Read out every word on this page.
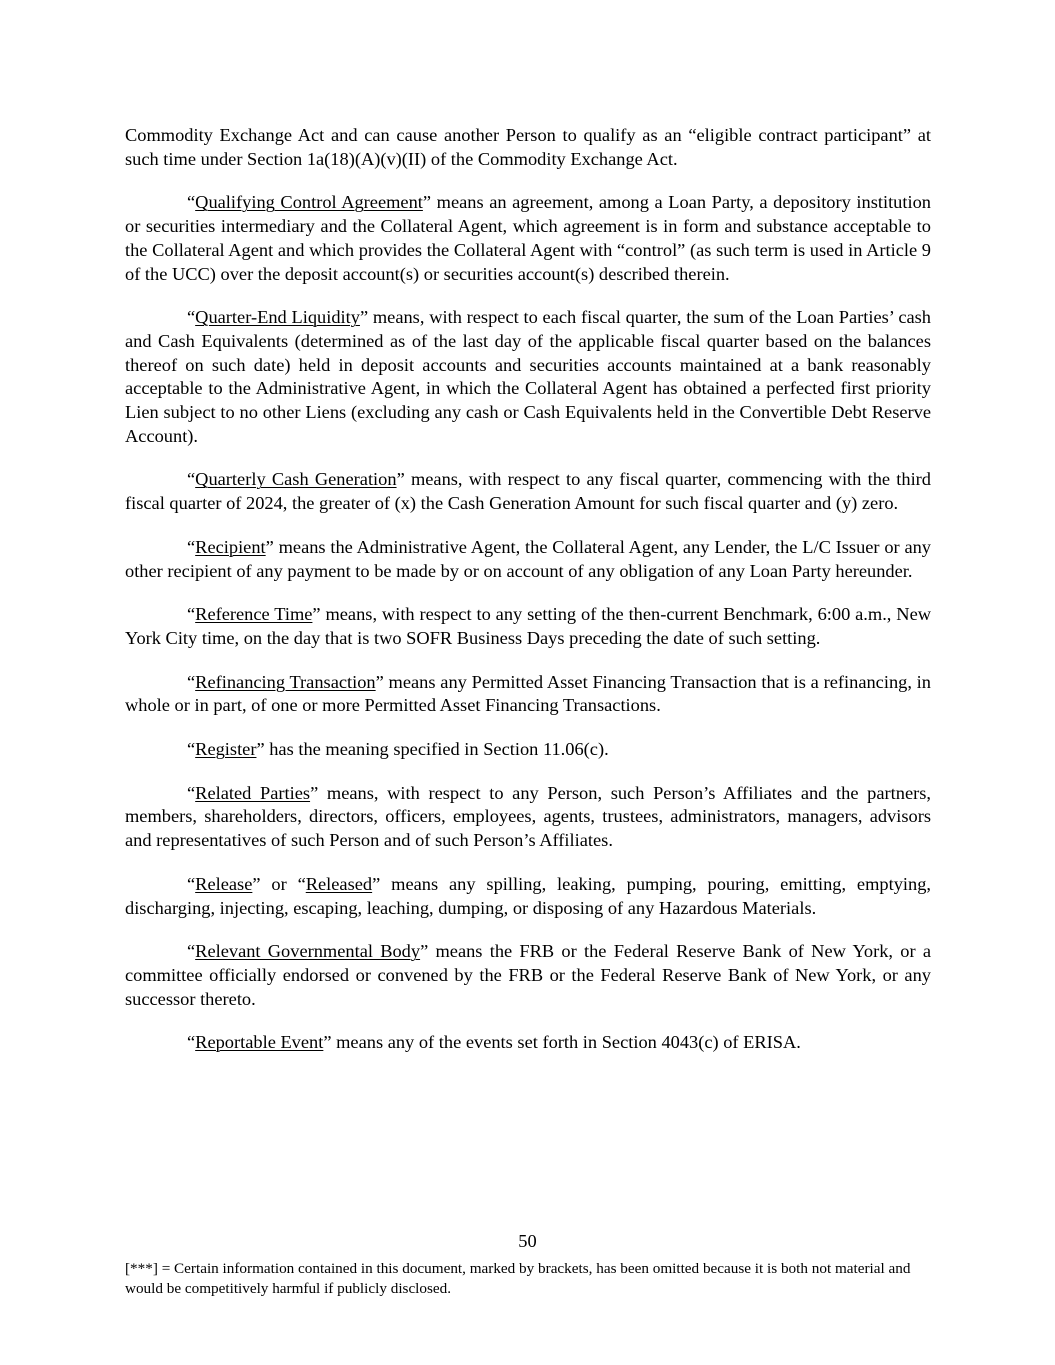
Commodity Exchange Act and can cause another Person to qualify as an “eligible contract participant” at such time under Section 1a(18)(A)(v)(II) of the Commodity Exchange Act.

“Qualifying Control Agreement” means an agreement, among a Loan Party, a depository institution or securities intermediary and the Collateral Agent, which agreement is in form and substance acceptable to the Collateral Agent and which provides the Collateral Agent with “control” (as such term is used in Article 9 of the UCC) over the deposit account(s) or securities account(s) described therein.

“Quarter-End Liquidity” means, with respect to each fiscal quarter, the sum of the Loan Parties’ cash and Cash Equivalents (determined as of the last day of the applicable fiscal quarter based on the balances thereof on such date) held in deposit accounts and securities accounts maintained at a bank reasonably acceptable to the Administrative Agent, in which the Collateral Agent has obtained a perfected first priority Lien subject to no other Liens (excluding any cash or Cash Equivalents held in the Convertible Debt Reserve Account).

“Quarterly Cash Generation” means, with respect to any fiscal quarter, commencing with the third fiscal quarter of 2024, the greater of (x) the Cash Generation Amount for such fiscal quarter and (y) zero.

“Recipient” means the Administrative Agent, the Collateral Agent, any Lender, the L/C Issuer or any other recipient of any payment to be made by or on account of any obligation of any Loan Party hereunder.

“Reference Time” means, with respect to any setting of the then-current Benchmark, 6:00 a.m., New York City time, on the day that is two SOFR Business Days preceding the date of such setting.

“Refinancing Transaction” means any Permitted Asset Financing Transaction that is a refinancing, in whole or in part, of one or more Permitted Asset Financing Transactions.

“Register” has the meaning specified in Section 11.06(c).

“Related Parties” means, with respect to any Person, such Person’s Affiliates and the partners, members, shareholders, directors, officers, employees, agents, trustees, administrators, managers, advisors and representatives of such Person and of such Person’s Affiliates.

“Release” or “Released” means any spilling, leaking, pumping, pouring, emitting, emptying, discharging, injecting, escaping, leaching, dumping, or disposing of any Hazardous Materials.

“Relevant Governmental Body” means the FRB or the Federal Reserve Bank of New York, or a committee officially endorsed or convened by the FRB or the Federal Reserve Bank of New York, or any successor thereto.

“Reportable Event” means any of the events set forth in Section 4043(c) of ERISA.

50
[***] = Certain information contained in this document, marked by brackets, has been omitted because it is both not material and would be competitively harmful if publicly disclosed.
